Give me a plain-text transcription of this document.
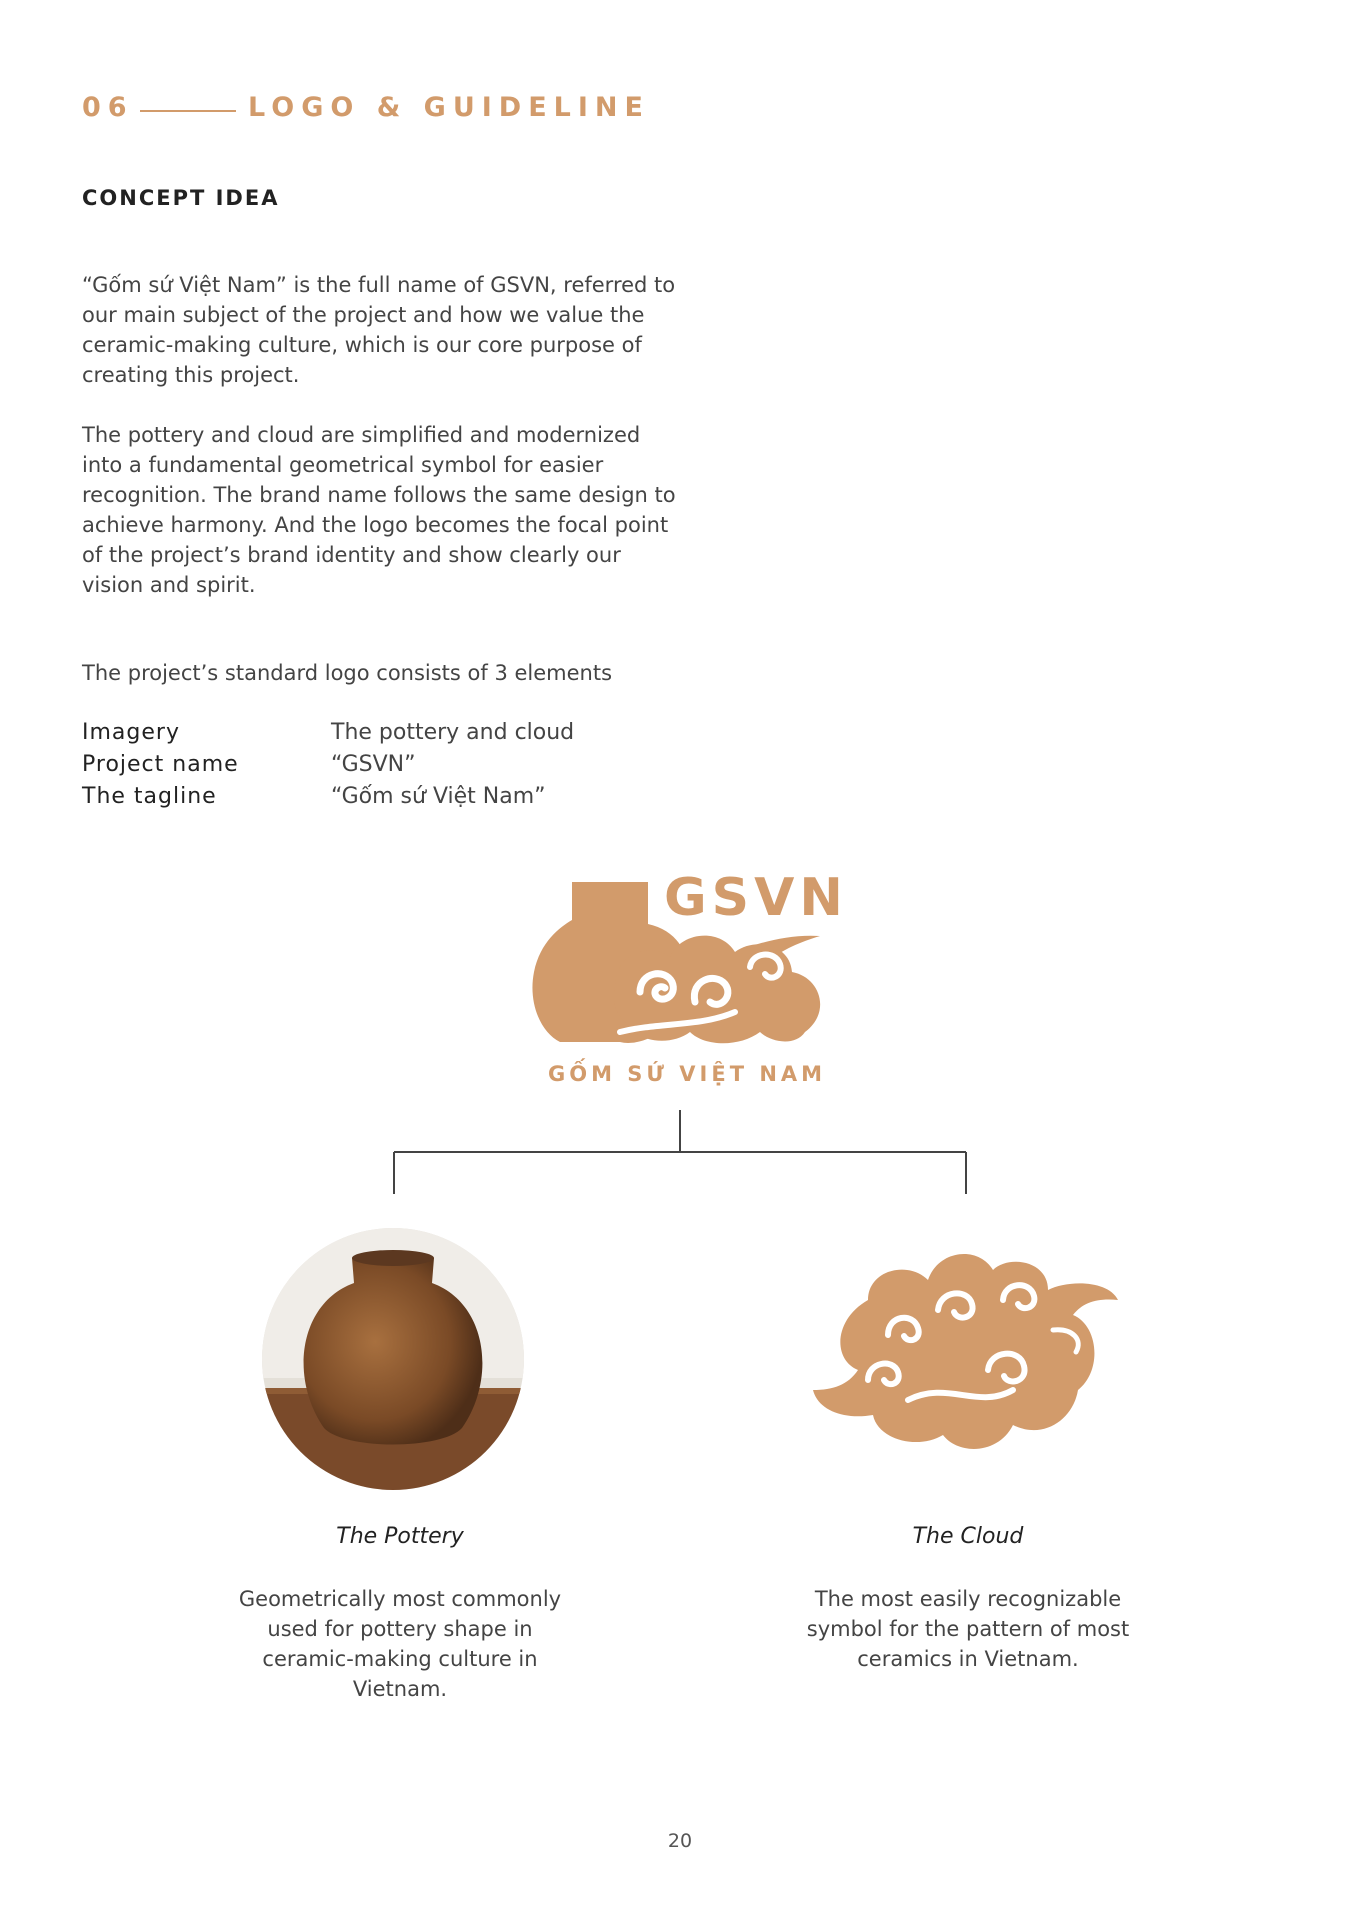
06	LOGO & GUIDELINE
CONCEPT IDEA
“Gốm sứ Việt Nam” is the full name of GSVN, referred to our main subject of the project and how we value the ceramic-making culture, which is our core purpose of creating this project.
The pottery and cloud are simplified and modernized into a fundamental geometrical symbol for easier recognition. The brand name follows the same design to achieve harmony. And the logo becomes the focal point of the project’s brand identity and show clearly our vision and spirit.
The project’s standard logo consists of 3 elements
Imagery	The pottery and cloud
Project name	“GSVN”
The tagline	“Gốm sứ Việt Nam”
GSVN
GỐM SỨ VIỆT NAM
The Pottery	The Cloud
Geometrically most commonly used for pottery shape in ceramic-making culture in Vietnam.
The most easily recognizable symbol for the pattern of most ceramics in Vietnam.
20
